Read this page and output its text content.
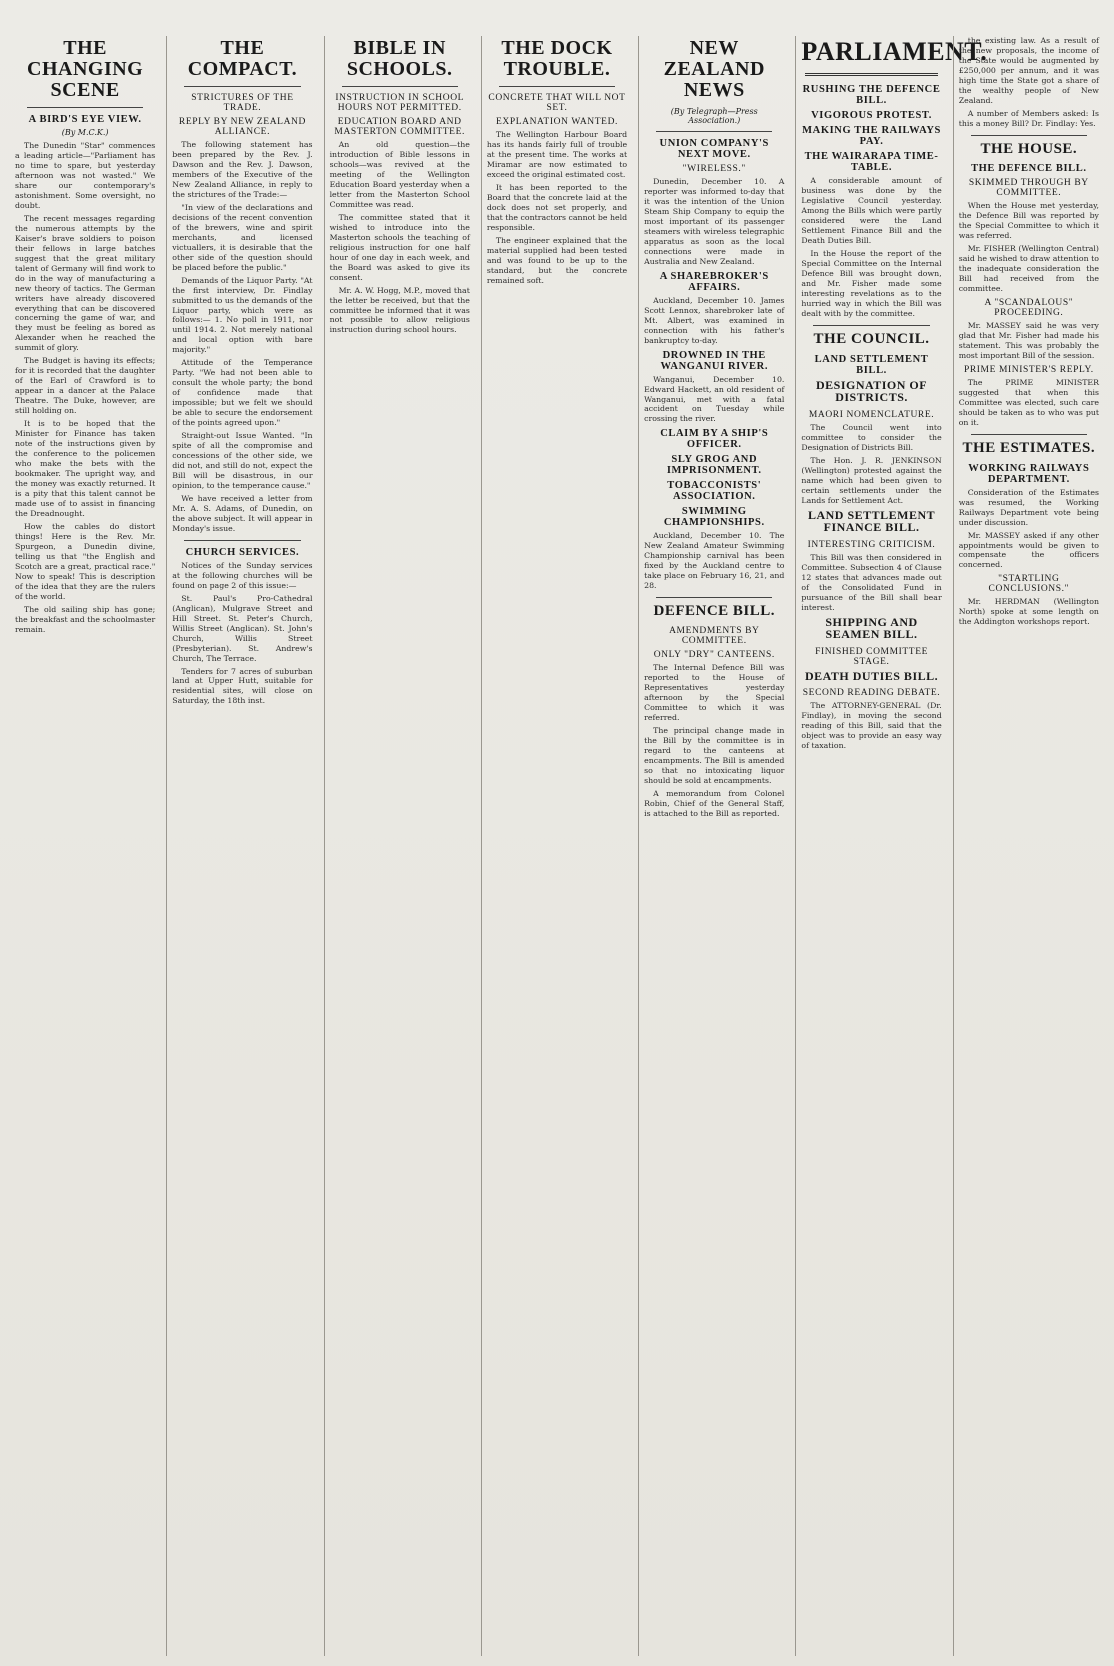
THE CHANGING SCENE
A BIRD'S EYE VIEW.
(By M.C.K.)

The Dunedin "Star" commences a leading article—"Parliament has no time to spare, but yesterday afternoon was not wasted." We share our contemporary's astonishment. Some oversight, no doubt.

The recent messages regarding the numerous attempts by the Kaiser's brave soldiers to poison their fellows in large batches suggest that the great military talent of Germany will find work to do in the way of manufacturing a new theory of tactics. The German writers have already discovered everything that can be discovered concerning the game of war, and they must be feeling as bored as Alexander when he reached the summit of glory.

The Budget is having its effects; for it is recorded that the daughter of the Earl of Crawford is to appear in a dancer at the Palace Theatre. The Duke, however, are still holding on.

It is to be hoped that the Minister for Finance has taken note of the instructions given by the conference to the policemen who make the bets with the bookmaker. The upright way, and the money was exactly returned. It is a pity that this talent cannot be made use of to assist in financing the Dreadnought.

How the cables do distort things! Here is the Rev. Mr. Spurgeon, a Dunedin divine, telling us that "the English and Scotch are a great, practical race." Now to speak! This is description of the idea that they are the rulers of the world.

The old sailing ship has gone; the breakfast and the schoolmaster remain.

THE COMPACT.
STRICTURES OF THE TRADE.
REPLY BY NEW ZEALAND ALLIANCE.

The following statement has been prepared by the Rev. J. Dawson and the Rev. J. Dawson, members of the Executive of the New Zealand Alliance, in reply to the strictures of the Trade:—

"In view of the declarations and decisions of the recent convention of the brewers, wine and spirit merchants, and licensed victuallers, it is desirable that the other side of the question should be placed before the public."

Demands of the Liquor Party. "At the first interview, Dr. Findlay submitted to us the demands of the Liquor party, which were as follows:— 1. No poll in 1911, nor until 1914. 2. Not merely national and local option with bare majority."

Attitude of the Temperance Party. "We had not been able to consult the whole party; the bond of confidence made that impossible; but we felt we should be able to secure the endorsement of the points agreed upon."

Straight-out Issue Wanted. "In spite of all the compromise and concessions of the other side, we did not, and still do not, expect the Bill will be disastrous, in our opinion, to the temperance cause."

We have received a letter from Mr. A. S. Adams, of Dunedin, on the above subject. It will appear in Monday's issue.

CHURCH SERVICES.

Notices of the Sunday services at the following churches will be found on page 2 of this issue:—

St. Paul's Pro-Cathedral (Anglican), Mulgrave Street and Hill Street. St. Peter's Church, Willis Street (Anglican). St. John's Church, Willis Street (Presbyterian). St. Andrew's Church, The Terrace.

Tenders for 7 acres of suburban land at Upper Hutt, suitable for residential sites, will close on Saturday, the 18th inst.

BIBLE IN SCHOOLS.
INSTRUCTION IN SCHOOL HOURS NOT PERMITTED.
EDUCATION BOARD AND MASTERTON COMMITTEE.

An old question—the introduction of Bible lessons in schools—was revived at the meeting of the Wellington Education Board yesterday when a letter from the Masterton School Committee was read.

The committee stated that it wished to introduce into the Masterton schools the teaching of religious instruction for one half hour of one day in each week, and the Board was asked to give its consent.

Mr. A. W. Hogg, M.P., moved that the letter be received, but that the committee be informed that it was not possible to allow religious instruction during school hours.

THE DOCK TROUBLE.
CONCRETE THAT WILL NOT SET.
EXPLANATION WANTED.

The Wellington Harbour Board has its hands fairly full of trouble at the present time. The works at Miramar are now estimated to exceed the original estimated cost.

It has been reported to the Board that the concrete laid at the dock does not set properly, and that the contractors cannot be held responsible.

The engineer explained that the material supplied had been tested and was found to be up to the standard, but the concrete remained soft.

NEW ZEALAND NEWS
(By Telegraph—Press Association.)
UNION COMPANY'S NEXT MOVE.
"WIRELESS."

Dunedin, December 10. A reporter was informed to-day that it was the intention of the Union Steam Ship Company to equip the most important of its passenger steamers with wireless telegraphic apparatus as soon as the local connections were made in Australia and New Zealand.

A SHAREBROKER'S AFFAIRS.

Auckland, December 10. James Scott Lennox, sharebroker late of Mt. Albert, was examined in connection with his father's bankruptcy to-day.

DROWNED IN THE WANGANUI RIVER.

Wanganui, December 10. Edward Hackett, an old resident of Wanganui, met with a fatal accident on Tuesday while crossing the river.

CLAIM BY A SHIP'S OFFICER.
SLY GROG AND IMPRISONMENT.
TOBACCONISTS' ASSOCIATION.
SWIMMING CHAMPIONSHIPS.

Auckland, December 10. The New Zealand Amateur Swimming Championship carnival has been fixed by the Auckland centre to take place on February 16, 21, and 28.

DEFENCE BILL.
AMENDMENTS BY COMMITTEE.
ONLY "DRY" CANTEENS.

The Internal Defence Bill was reported to the House of Representatives yesterday afternoon by the Special Committee to which it was referred.

The principal change made in the Bill by the committee is in regard to the canteens at encampments. The Bill is amended so that no intoxicating liquor should be sold at encampments.

A memorandum from Colonel Robin, Chief of the General Staff, is attached to the Bill as reported.

PARLIAMENT.
RUSHING THE DEFENCE BILL.
VIGOROUS PROTEST.
MAKING THE RAILWAYS PAY.
THE WAIRARAPA TIME-TABLE.

A considerable amount of business was done by the Legislative Council yesterday. Among the Bills which were partly considered were the Land Settlement Finance Bill and the Death Duties Bill.

In the House the report of the Special Committee on the Internal Defence Bill was brought down, and Mr. Fisher made some interesting revelations as to the hurried way in which the Bill was dealt with by the committee.

THE COUNCIL.
LAND SETTLEMENT BILL.
DESIGNATION OF DISTRICTS.
MAORI NOMENCLATURE.

The Council went into committee to consider the Designation of Districts Bill.

The Hon. J. R. JENKINSON (Wellington) protested against the name which had been given to certain settlements under the Lands for Settlement Act.

LAND SETTLEMENT FINANCE BILL.
INTERESTING CRITICISM.

This Bill was then considered in Committee. Subsection 4 of Clause 12 states that advances made out of the Consolidated Fund in pursuance of the Bill shall bear interest.

SHIPPING AND SEAMEN BILL.
FINISHED COMMITTEE STAGE.
DEATH DUTIES BILL.
SECOND READING DEBATE.

The ATTORNEY-GENERAL (Dr. Findlay), in moving the second reading of this Bill, said that the object was to provide an easy way of taxation.

the existing law. As a result of the new proposals, the income of the State would be augmented by £250,000 per annum, and it was high time the State got a share of the wealthy people of New Zealand.

A number of Members asked: Is this a money Bill? Dr. Findlay: Yes.

THE HOUSE.
THE DEFENCE BILL.
SKIMMED THROUGH BY COMMITTEE.

When the House met yesterday, the Defence Bill was reported by the Special Committee to which it was referred.

Mr. FISHER (Wellington Central) said he wished to draw attention to the inadequate consideration the Bill had received from the committee.

A "SCANDALOUS" PROCEEDING.

Mr. MASSEY said he was very glad that Mr. Fisher had made his statement. This was probably the most important Bill of the session.

PRIME MINISTER'S REPLY.

The PRIME MINISTER suggested that when this Committee was elected, such care should be taken as to who was put on it.

THE ESTIMATES.
WORKING RAILWAYS DEPARTMENT.

Consideration of the Estimates was resumed, the Working Railways Department vote being under discussion.

Mr. MASSEY asked if any other appointments would be given to compensate the officers concerned.

"STARTLING CONCLUSIONS."

Mr. HERDMAN (Wellington North) spoke at some length on the Addington workshops report.
